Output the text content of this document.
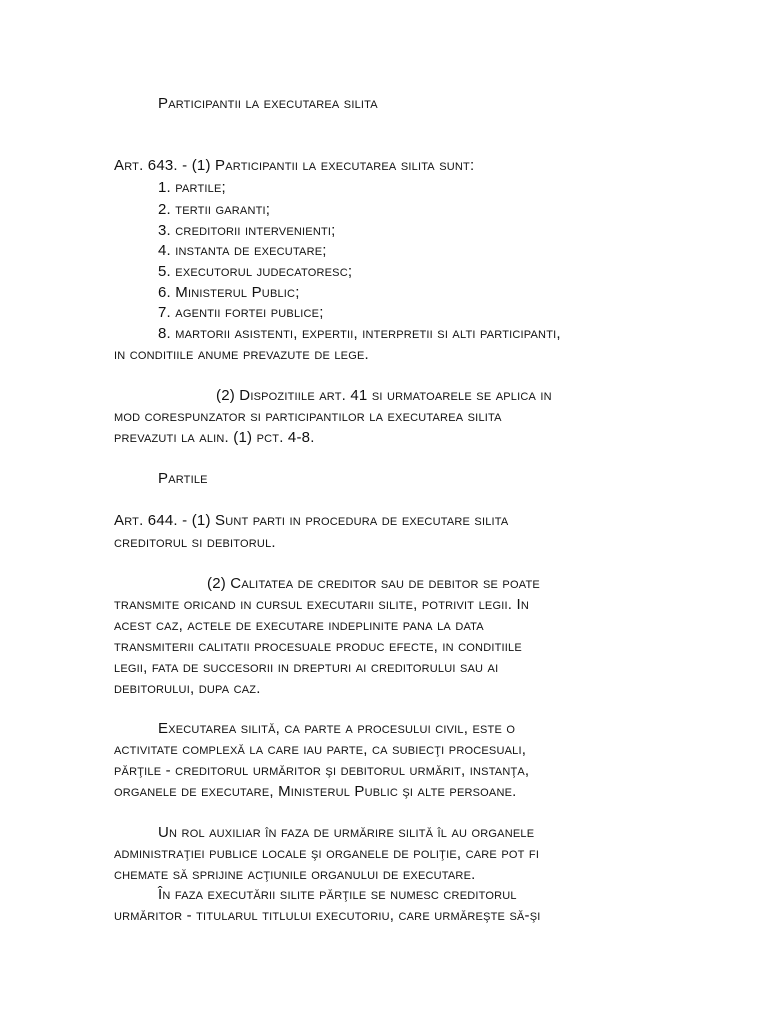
Participantii la executarea silita
Art. 643. - (1) Participantii la executarea silita sunt:
1. partile;
2. tertii garanti;
3. creditorii intervenienti;
4. instanta de executare;
5. executorul judecatoresc;
6. Ministerul Public;
7. agentii fortei publice;
8. martorii asistenti, expertii, interpretii si alti participanti,
in conditiile anume prevazute de lege.
(2) Dispozitiile art. 41 si urmatoarele se aplica in
mod corespunzator si participantilor la executarea silita
prevazuti la alin. (1) pct. 4-8.
Partile
Art. 644. - (1) Sunt parti in procedura de executare silita
creditorul si debitorul.
(2) Calitatea de creditor sau de debitor se poate
transmite oricand in cursul executarii silite, potrivit legii. In
acest caz, actele de executare indeplinite pana la data
transmiterii calitatii procesuale produc efecte, in conditiile
legii, fata de succesorii in drepturi ai creditorului sau ai
debitorului, dupa caz.
Executarea silită, ca parte a procesului civil, este o
activitate complexă la care iau parte, ca subiecţi procesuali,
părţile - creditorul urmăritor şi debitorul urmărit, instanţa,
organele de executare, Ministerul Public şi alte persoane.
Un rol auxiliar în faza de urmărire silită îl au organele
administraţiei publice locale şi organele de poliţie, care pot fi
chemate să sprijine acţiunile organului de executare.
În faza executării silite părţile se numesc creditorul
urmăritor - titularul titlului executoriu, care urmăreşte să-şi
